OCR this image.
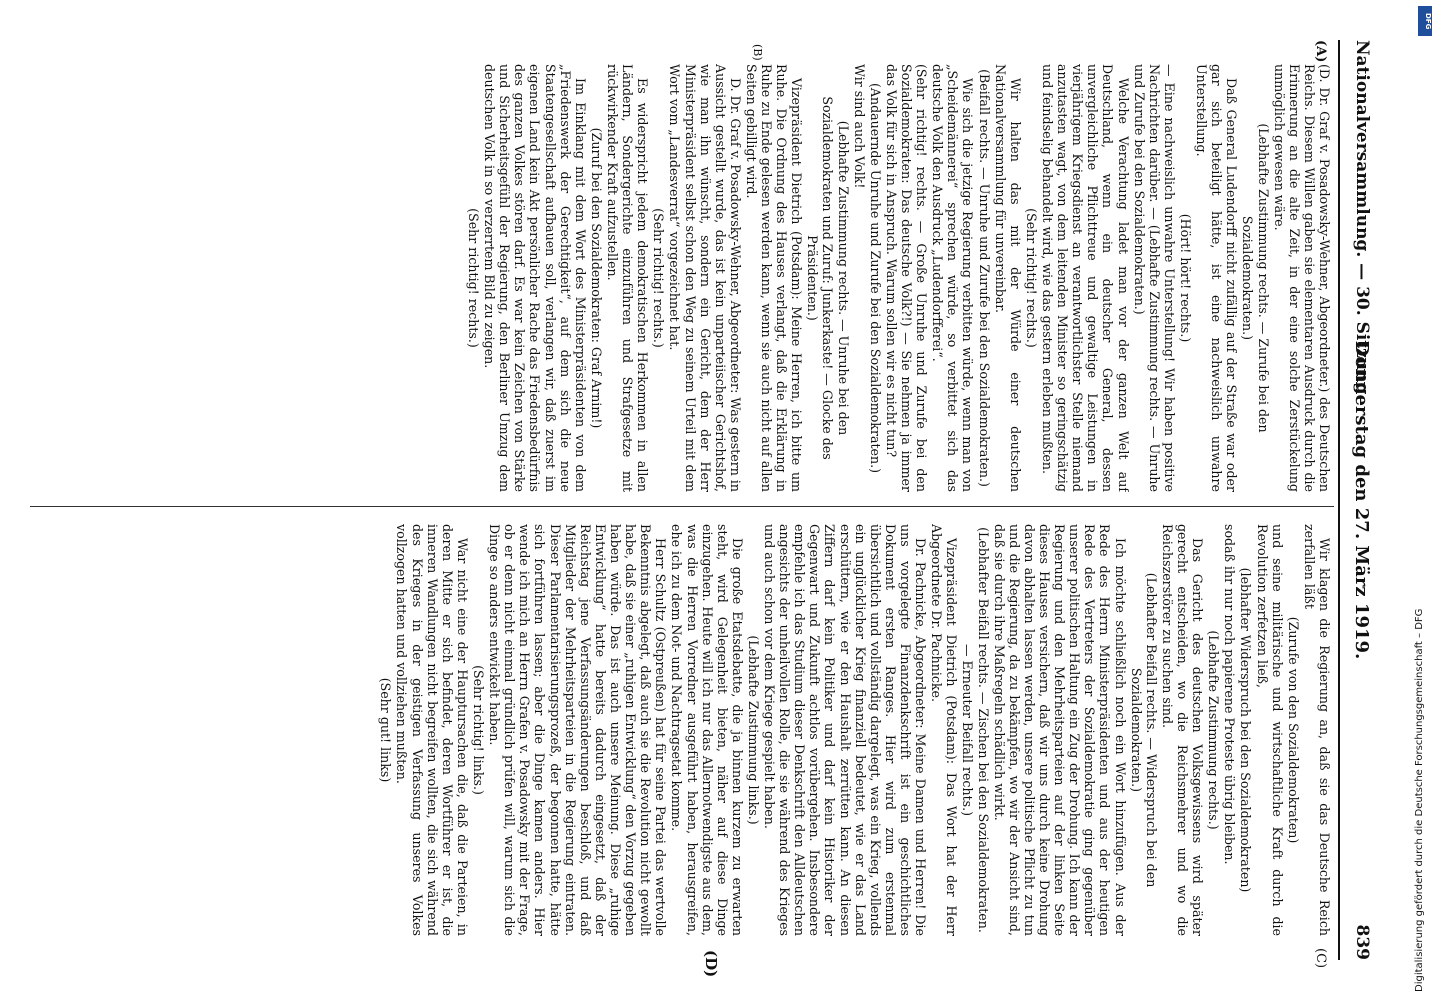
Nationalversammlung. — 30. Sitzung.
Donnerstag den 27. März 1919.
839
(A)
(B)
(C)
(D)

(D. Dr. Graf v. Posadowsky-Wehner, Abgeordneter.) des Deutschen Reichs. Diesem Willen gaben sie elementaren Ausdruck durch die Erinnerung an die alte Zeit, in der eine solche Zerstückelung unmöglich gewesen wäre.

(Lebhafte Zustimmung rechts. — Zurufe bei den Sozialdemokraten.)

Daß General Ludendorff nicht zufällig auf der Straße war oder gar sich beteiligt hätte, ist eine nachweislich unwahre Unterstellung.

(Hört! hört! rechts.)

— Eine nachweislich unwahre Unterstellung! Wir haben positive Nachrichten darüber. — (Lebhafte Zustimmung rechts. — Unruhe und Zurufe bei den Sozialdemokraten.)

Welche Verachtung ladet man vor der ganzen Welt auf Deutschland, wenn ein deutscher General, dessen unvergleichliche Pflichttreue und gewaltige Leistungen in vierjährigem Kriegsdienst an verantwortlichster Stelle niemand anzutasten wagt, von dem leitenden Minister so geringschätzig und feindselig behandelt wird, wie das gestern erleben mußten.

(Sehr richtig! rechts.)

Wir halten das mit der Würde einer deutschen Nationalversammlung für unvereinbar.

(Beifall rechts. — Unruhe und Zurufe bei den Sozialdemokraten.)

Wie sich die jetzige Regierung verbitten würde, wenn man von „Scheidemännerei“ sprechen würde, so verbittet sich das deutsche Volk den Ausdruck „Ludendorfferei“.

(Sehr richtig! rechts. — Große Unruhe und Zurufe bei den Sozialdemokraten: Das deutsche Volk?!) — Sie nehmen ja immer das Volk für sich in Anspruch. Warum sollen wir es nicht tun?

(Andauernde Unruhe und Zurufe bei den Sozialdemokraten.)

Wir sind auch Volk!

(Lebhafte Zustimmung rechts. — Unruhe bei den Sozialdemokraten und Zuruf: Junkerkaste! — Glocke des Präsidenten.)

Vizepräsident Dietrich (Potsdam): Meine Herren, ich bitte um Ruhe. Die Ordnung des Hauses verlangt, daß die Erklärung in Ruhe zu Ende gelesen werden kann, wenn sie auch nicht auf allen Seiten gebilligt wird.

D. Dr. Graf v. Posadowsky-Wehner, Abgeordneter: Was gestern in Aussicht gestellt wurde, das ist kein unparteiischer Gerichtshof, wie man ihn wünscht, sondern ein Gericht, dem der Herr Ministerpräsident selbst schon den Weg zu seinem Urteil mit dem Wort vom „Landesverrat“ vorgezeichnet hat.

(Sehr richtig! rechts.)

Es widerspricht jedem demokratischen Herkommen in allen Ländern, Sondergerichte einzuführen und Strafgesetze mit rückwirkender Kraft aufzustellen.

(Zuruf bei den Sozialdemokraten: Graf Arnim!)

Im Einklang mit dem Wort des Ministerpräsidenten von dem „Friedenswerk der Gerechtigkeit“, auf dem sich die neue Staatengesellschaft aufbauen soll, verlangen wir, daß zuerst im eigenen Land kein Akt persönlicher Rache das Friedensbedürfnis des ganzen Volkes stören darf. Es war kein Zeichen von Stärke und Sicherheitsgefühl der Regierung, den Berliner Umzug dem deutschen Volk in so verzerrtem Bild zu zeigen.

(Sehr richtig! rechts.)

Wir klagen die Regierung an, daß sie das Deutsche Reich zerfallen läßt

(Zurufe von den Sozialdemokraten)

und seine militärische und wirtschaftliche Kraft durch die Revolution zerfetzen ließ,

(lebhafter Widerspruch bei den Sozialdemokraten)

sodaß ihr nur noch papierene Proteste übrig bleiben.

(Lebhafte Zustimmung rechts.)

Das Gericht des deutschen Volksgewissens wird später gerecht entscheiden, wo die Reichsmehrer und wo die Reichszerstörer zu suchen sind.

(Lebhafter Beifall rechts. — Widerspruch bei den Sozialdemokraten.)

Ich möchte schließlich noch ein Wort hinzufügen. Aus der Rede des Herrn Ministerpräsidenten und aus der heutigen Rede des Vertreters der Sozialdemokratie ging gegenüber unserer politischen Haltung ein Zug der Drohung. Ich kann der Regierung und den Mehrheitsparteien auf der linken Seite dieses Hauses versichern, daß wir uns durch keine Drohung davon abhalten lassen werden, unsere politische Pflicht zu tun und die Regierung, da zu bekämpfen, wo wir der Ansicht sind, daß sie durch ihre Maßregeln schädlich wirkt.

(Lebhafter Beifall rechts. — Zischen bei den Sozialdemokraten. — Erneuter Beifall rechts.)

Vizepräsident Dietrich (Potsdam): Das Wort hat der Herr Abgeordnete Dr. Pachnicke.

Dr. Pachnicke, Abgeordneter: Meine Damen und Herren! Die uns vorgelegte Finanzdenkschrift ist ein geschichtliches Dokument ersten Ranges. Hier wird zum erstenmal übersichtlich und vollständig dargelegt, was ein Krieg, vollends ein unglücklicher Krieg finanziell bedeutet, wie er das Land erschüttern, wie er den Haushalt zerrütten kann. An diesen Ziffern darf kein Politiker und darf kein Historiker der Gegenwart und Zukunft achtlos vorübergehen. Insbesondere empfehle ich das Studium dieser Denkschrift den Alldeutschen angesichts der unheilvollen Rolle, die sie während des Krieges und auch schon vor dem Kriege gespielt haben.

(Lebhafte Zustimmung links.)

Die große Etatsdebatte, die ja binnen kurzem zu erwarten steht, wird Gelegenheit bieten, näher auf diese Dinge einzugehen. Heute will ich nur das Allernotwendigste aus dem, was die Herren Vorredner ausgeführt haben, herausgreifen, ehe ich zu dem Not- und Nachtragsetat komme.

Herr Schultz (Ostpreußen) hat für seine Partei das wertvolle Bekenntnis abgelegt, daß auch sie die Revolution nicht gewollt habe, daß sie einer „ruhigen Entwicklung“ den Vorzug gegeben haben würde. Das ist auch unsere Meinung. Diese „ruhige Entwicklung“ hatte bereits dadurch eingesetzt, daß der Reichstag jene Verfassungsänderungen beschloß, und daß Mitglieder der Mehrheitsparteien in die Regierung eintraten. Dieser Parlamentarisierungsprozeß, der begonnen hatte, hätte sich fortführen lassen; aber die Dinge kamen anders. Hier wende ich mich an Herrn Grafen v. Posadowsky mit der Frage, ob er denn nicht einmal gründlich prüfen will, warum sich die Dinge so anders entwickelt haben.

(Sehr richtig! links.)

War nicht eine der Hauptursachen die, daß die Parteien, in deren Mitte er sich befindet, deren Wortführer er ist, die inneren Wandlungen nicht begreifen wollten, die sich während des Krieges in der geistigen Verfassung unseres Volkes vollzogen hatten und vollziehen mußten.

(Sehr gut! links)	Digitalisierung gefördert durch die Deutsche Forschungsgemeinschaft – DFG
DFG
